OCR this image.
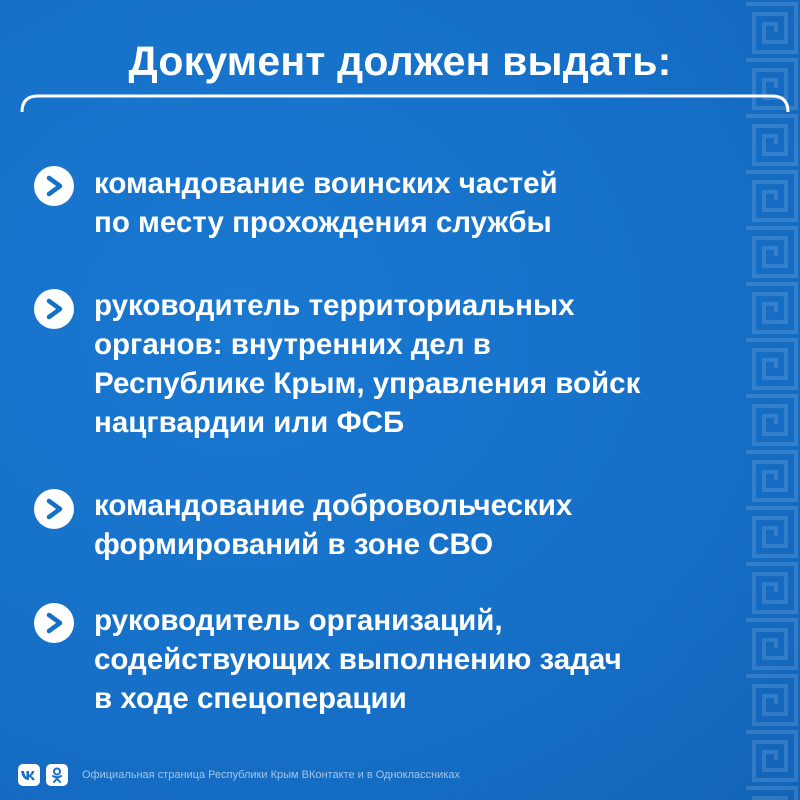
Документ должен выдать:
командование воинских частей
по месту прохождения службы
руководитель территориальных
органов: внутренних дел в
Республике Крым, управления войск
нацгвардии или ФСБ
командование добровольческих
формирований в зоне СВО
руководитель организаций,
содействующих выполнению задач
в ходе спецоперации
Официальная страница Республики Крым ВКонтакте и в Одноклассниках
